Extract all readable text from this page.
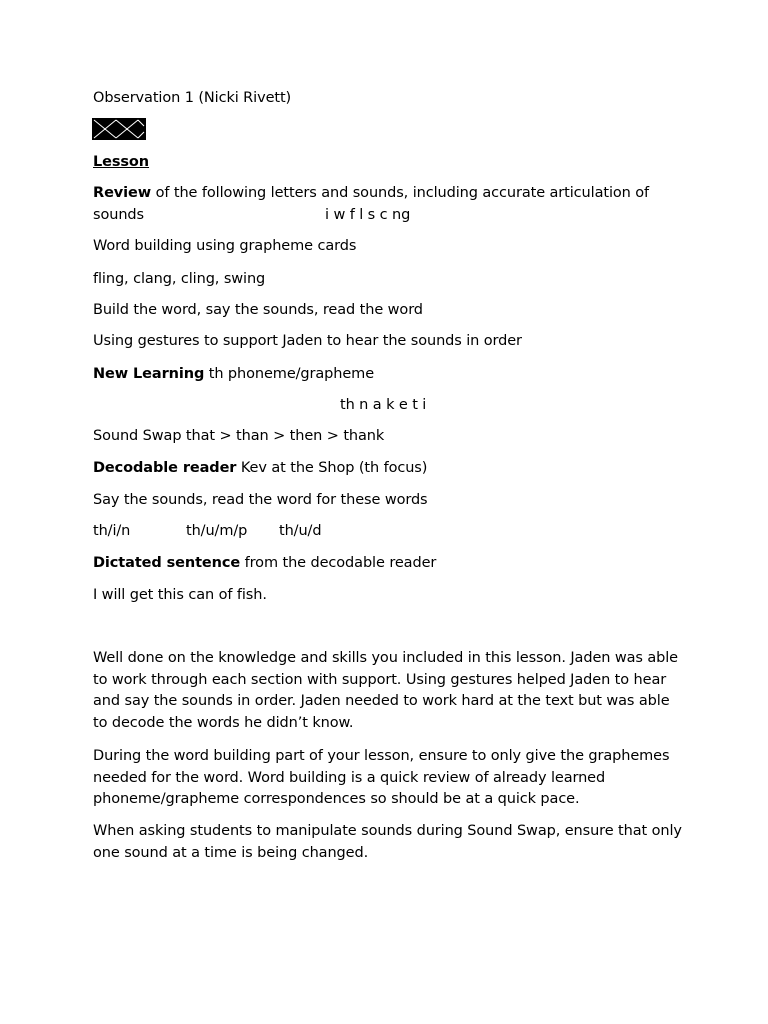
Observation 1 (Nicki Rivett)
Lesson
Review of the following letters and sounds, including accurate articulation of
sounds	i w f l s c ng
Word building using grapheme cards
fling, clang, cling, swing
Build the word, say the sounds, read the word
Using gestures to support Jaden to hear the sounds in order
New Learning th phoneme/grapheme
th n a k e t i
Sound Swap that > than > then > thank
Decodable reader Kev at the Shop (th focus)
Say the sounds, read the word for these words
th/i/n	th/u/m/p th/u/d
Dictated sentence from the decodable reader
I will get this can of fish.
Well done on the knowledge and skills you included in this lesson. Jaden was able to work through each section with support. Using gestures helped Jaden to hear and say the sounds in order. Jaden needed to work hard at the text but was able to decode the words he didn’t know.
During the word building part of your lesson, ensure to only give the graphemes needed for the word. Word building is a quick review of already learned phoneme/grapheme correspondences so should be at a quick pace.
When asking students to manipulate sounds during Sound Swap, ensure that only one sound at a time is being changed.
